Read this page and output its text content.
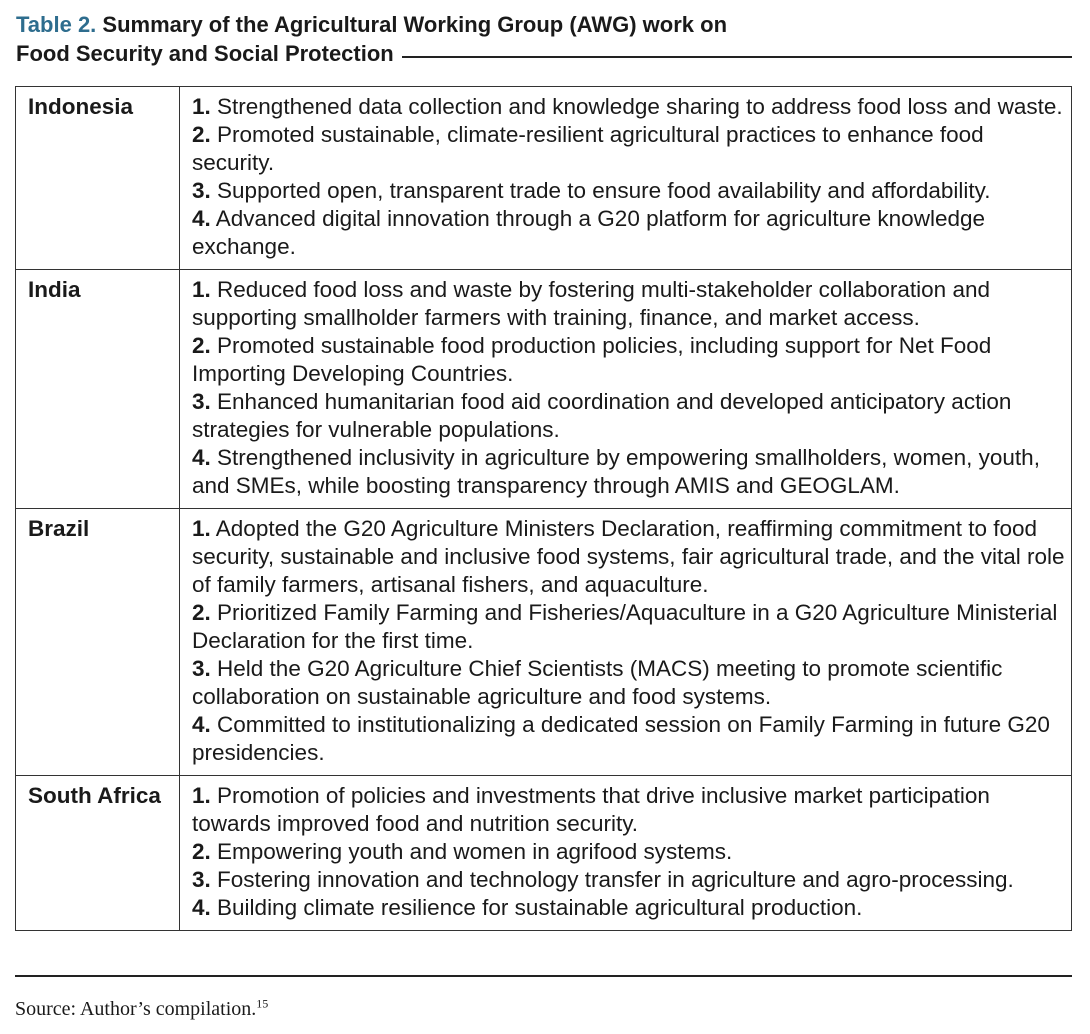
Table 2. Summary of the Agricultural Working Group (AWG) work on
Food Security and Social Protection
Indonesia	1. Strengthened data collection and knowledge sharing to address food loss and waste.
2. Promoted sustainable, climate-resilient agricultural practices to enhance food security.
3. Supported open, transparent trade to ensure food availability and affordability.
4. Advanced digital innovation through a G20 platform for agriculture knowledge exchange.

India	1. Reduced food loss and waste by fostering multi-stakeholder collaboration and supporting smallholder farmers with training, finance, and market access.
2. Promoted sustainable food production policies, including support for Net Food Importing Developing Countries.
3. Enhanced humanitarian food aid coordination and developed anticipatory action strategies for vulnerable populations.
4. Strengthened inclusivity in agriculture by empowering smallholders, women, youth, and SMEs, while boosting transparency through AMIS and GEOGLAM.

Brazil	1. Adopted the G20 Agriculture Ministers Declaration, reaffirming commitment to food security, sustainable and inclusive food systems, fair agricultural trade, and the vital role of family farmers, artisanal fishers, and aquaculture.
2. Prioritized Family Farming and Fisheries/Aquaculture in a G20 Agriculture Ministerial Declaration for the first time.
3. Held the G20 Agriculture Chief Scientists (MACS) meeting to promote scientific collaboration on sustainable agriculture and food systems.
4. Committed to institutionalizing a dedicated session on Family Farming in future G20 presidencies.

South Africa	1. Promotion of policies and investments that drive inclusive market participation towards improved food and nutrition security.
2. Empowering youth and women in agrifood systems.
3. Fostering innovation and technology transfer in agriculture and agro-processing.
4. Building climate resilience for sustainable agricultural production.
Source: Author’s compilation.$^{15}$
